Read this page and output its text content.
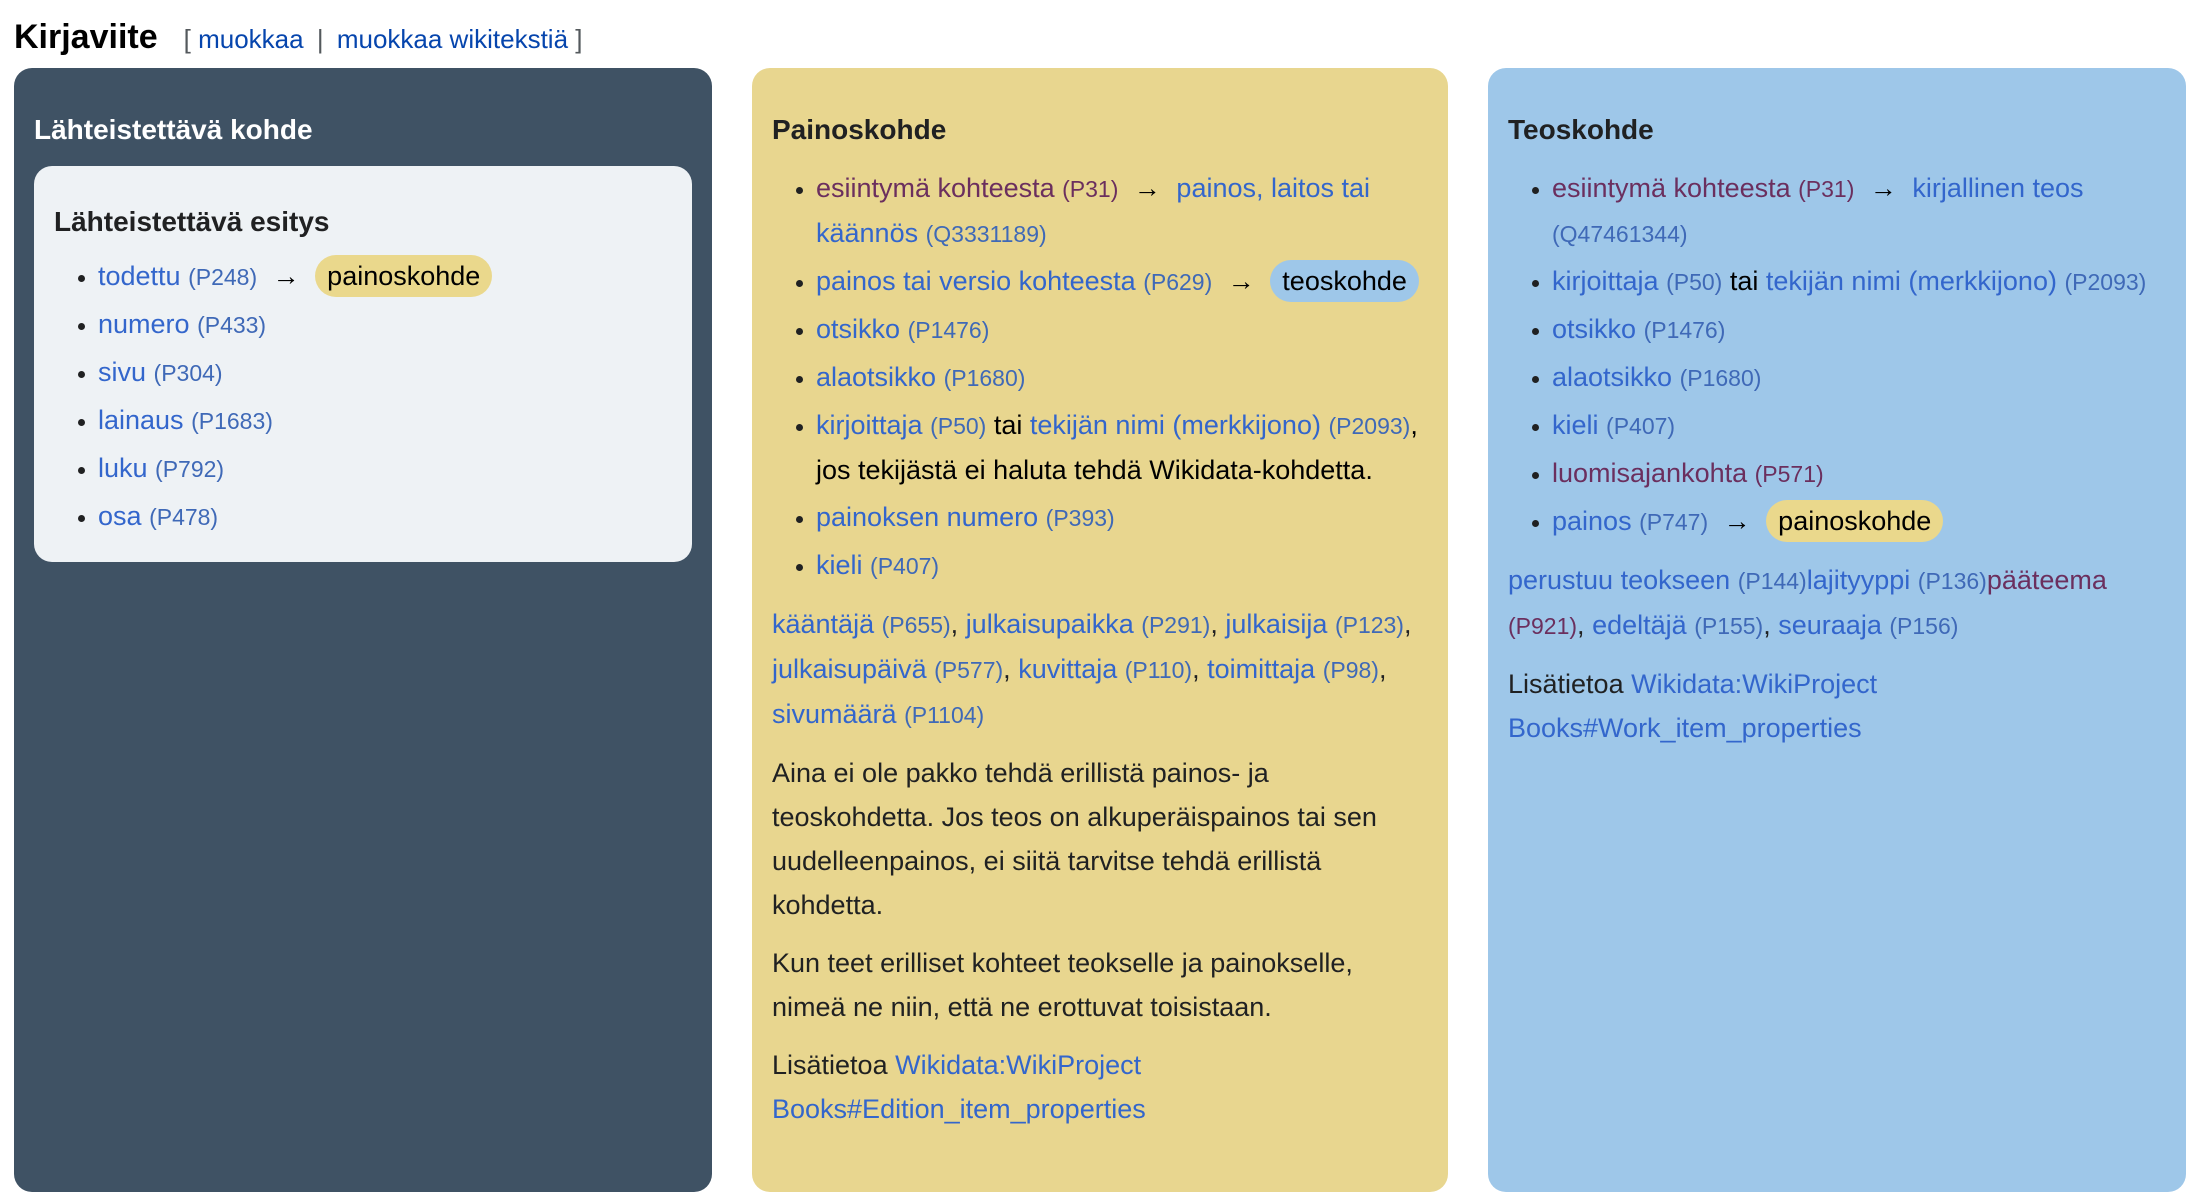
Kirjaviite [ muokkaa | muokkaa wikitekstiä ]
Lähteistettävä kohde
Lähteistettävä esitys
• todettu (P248) → painoskohde
• numero (P433)
• sivu (P304)
• lainaus (P1683)
• luku (P792)
• osa (P478)
Painoskohde
• esiintymä kohteesta (P31) → painos, laitos tai käännös (Q3331189)
• painos tai versio kohteesta (P629) → teoskohde
• otsikko (P1476)
• alaotsikko (P1680)
• kirjoittaja (P50) tai tekijän nimi (merkkijono) (P2093), jos tekijästä ei haluta tehdä Wikidata-kohdetta.
• painoksen numero (P393)
• kieli (P407)

kääntäjä (P655), julkaisupaikka (P291), julkaisija (P123), julkaisupäivä (P577), kuvittaja (P110), toimittaja (P98), sivumäärä (P1104)

Aina ei ole pakko tehdä erillistä painos- ja teoskohdetta. Jos teos on alkuperäispainos tai sen uudelleenpainos, ei siitä tarvitse tehdä erillistä kohdetta.

Kun teet erilliset kohteet teokselle ja painokselle, nimeä ne niin, että ne erottuvat toisistaan.

Lisätietoa Wikidata:WikiProject Books#Edition_item_properties

Teoskohde
• esiintymä kohteesta (P31) → kirjallinen teos (Q47461344)
• kirjoittaja (P50) tai tekijän nimi (merkkijono) (P2093)
• otsikko (P1476)
• alaotsikko (P1680)
• kieli (P407)
• luomisajankohta (P571)
• painos (P747) → painoskohde

perustuu teokseen (P144)lajityyppi (P136)pääteema (P921), edeltäjä (P155), seuraaja (P156)

Lisätietoa Wikidata:WikiProject Books#Work_item_properties
